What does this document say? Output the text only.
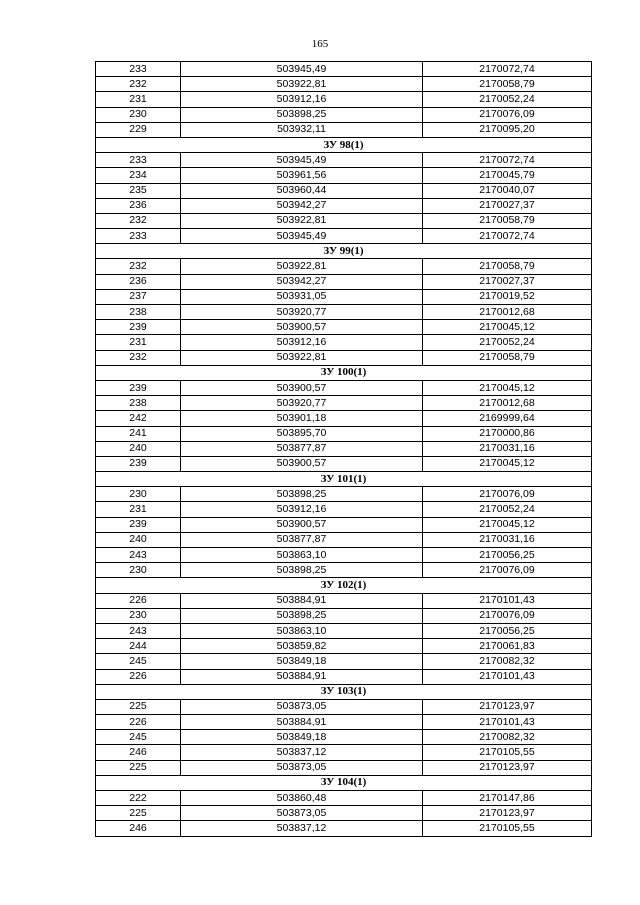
165
233	503945,49	2170072,74
232	503922,81	2170058,79
231	503912,16	2170052,24
230	503898,25	2170076,09
229	503932,11	2170095,20
ЗУ 98(1)		
233	503945,49	2170072,74
234	503961,56	2170045,79
235	503960,44	2170040,07
236	503942,27	2170027,37
232	503922,81	2170058,79
233	503945,49	2170072,74
ЗУ 99(1)		
232	503922,81	2170058,79
236	503942,27	2170027,37
237	503931,05	2170019,52
238	503920,77	2170012,68
239	503900,57	2170045,12
231	503912,16	2170052,24
232	503922,81	2170058,79
ЗУ 100(1)		
239	503900,57	2170045,12
238	503920,77	2170012,68
242	503901,18	2169999,64
241	503895,70	2170000,86
240	503877,87	2170031,16
239	503900,57	2170045,12
ЗУ 101(1)		
230	503898,25	2170076,09
231	503912,16	2170052,24
239	503900,57	2170045,12
240	503877,87	2170031,16
243	503863,10	2170056,25
230	503898,25	2170076,09
ЗУ 102(1)		
226	503884,91	2170101,43
230	503898,25	2170076,09
243	503863,10	2170056,25
244	503859,82	2170061,83
245	503849,18	2170082,32
226	503884,91	2170101,43
ЗУ 103(1)		
225	503873,05	2170123,97
226	503884,91	2170101,43
245	503849,18	2170082,32
246	503837,12	2170105,55
225	503873,05	2170123,97
ЗУ 104(1)		
222	503860,48	2170147,86
225	503873,05	2170123,97
246	503837,12	2170105,55
